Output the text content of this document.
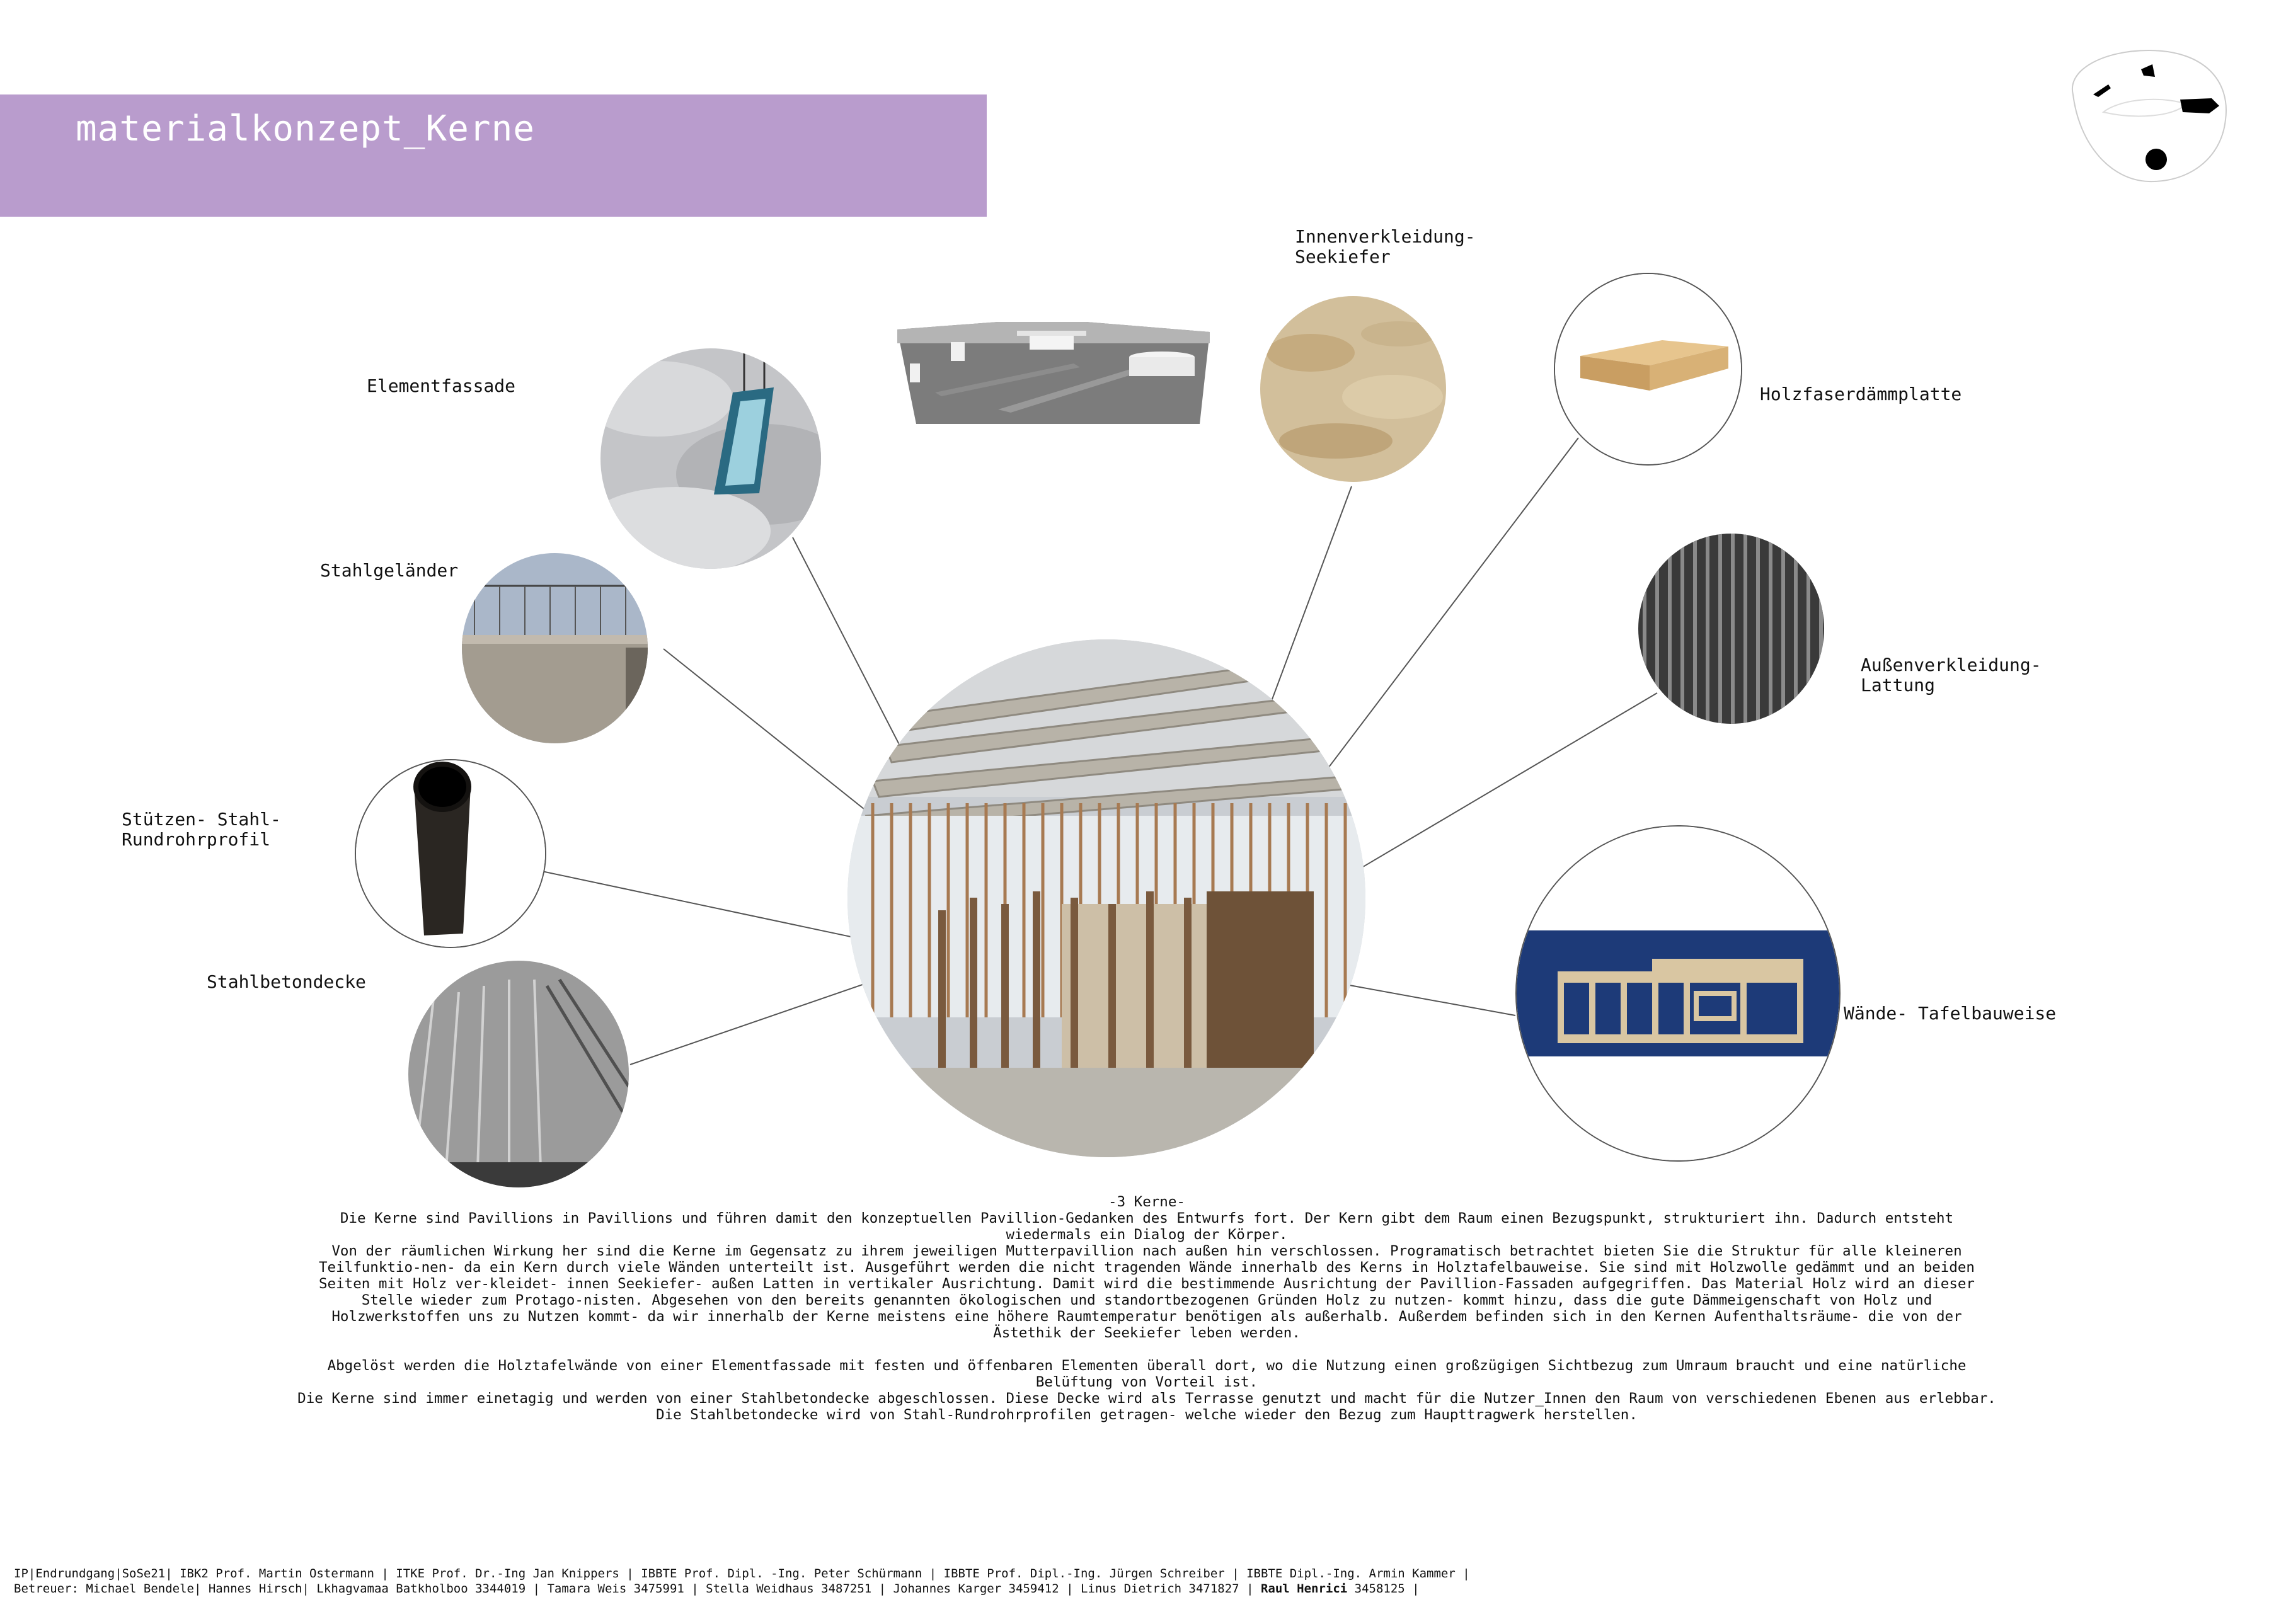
materialkonzept_Kerne
Elementfassade
Stahlgeländer
Stützen- Stahl-
Rundrohrprofil
Stahlbetondecke
Innenverkleidung-
Seekiefer
Holzfaserdämmplatte
Außenverkleidung-
Lattung
Wände- Tafelbauweise

-3 Kerne-

Die Kerne sind Pavillions in Pavillions und führen damit den konzeptuellen Pavillion-Gedanken des Entwurfs fort. Der Kern gibt dem Raum einen Bezugspunkt, strukturiert ihn. Dadurch entsteht wiedermals ein Dialog der Körper.

Von der räumlichen Wirkung her sind die Kerne im Gegensatz zu ihrem jeweiligen Mutterpavillion nach außen hin verschlossen. Programatisch betrachtet bieten Sie die Struktur für alle kleineren Teilfunktio-nen- da ein Kern durch viele Wänden unterteilt ist. Ausgeführt werden die nicht tragenden Wände innerhalb des Kerns in Holztafelbauweise. Sie sind mit Holzwolle gedämmt und an beiden Seiten mit Holz ver-kleidet- innen Seekiefer- außen Latten in vertikaler Ausrichtung. Damit wird die bestimmende Ausrichtung der Pavillion-Fassaden aufgegriffen. Das Material Holz wird an dieser Stelle wieder zum Protago-nisten. Abgesehen von den bereits genannten ökologischen und standortbezogenen Gründen Holz zu nutzen- kommt hinzu, dass die gute Dämmeigenschaft von Holz und Holzwerkstoffen uns zu Nutzen kommt- da wir innerhalb der Kerne meistens eine höhere Raumtemperatur benötigen als außerhalb. Außerdem befinden sich in den Kernen Aufenthaltsräume- die von der Ästethik der Seekiefer leben werden.

Abgelöst werden die Holztafelwände von einer Elementfassade mit festen und öffenbaren Elementen überall dort, wo die Nutzung einen großzügigen Sichtbezug zum Umraum braucht und eine natürliche Belüftung von Vorteil ist.

Die Kerne sind immer einetagig und werden von einer Stahlbetondecke abgeschlossen. Diese Decke wird als Terrasse genutzt und macht für die Nutzer_Innen den Raum von verschiedenen Ebenen aus erlebbar. Die Stahlbetondecke wird von Stahl-Rundrohrprofilen getragen- welche wieder den Bezug zum Haupttragwerk herstellen.

IP|Endrundgang|SoSe21| IBK2 Prof. Martin Ostermann | ITKE Prof. Dr.-Ing Jan Knippers | IBBTE Prof. Dipl. -Ing. Peter Schürmann | IBBTE Prof. Dipl.-Ing. Jürgen Schreiber | IBBTE Dipl.-Ing. Armin Kammer |
Betreuer: Michael Bendele| Hannes Hirsch| Lkhagvamaa Batkholboo 3344019 | Tamara Weis 3475991 | Stella Weidhaus 3487251 | Johannes Karger 3459412 | Linus Dietrich 3471827 | Raul Henrici 3458125 |
